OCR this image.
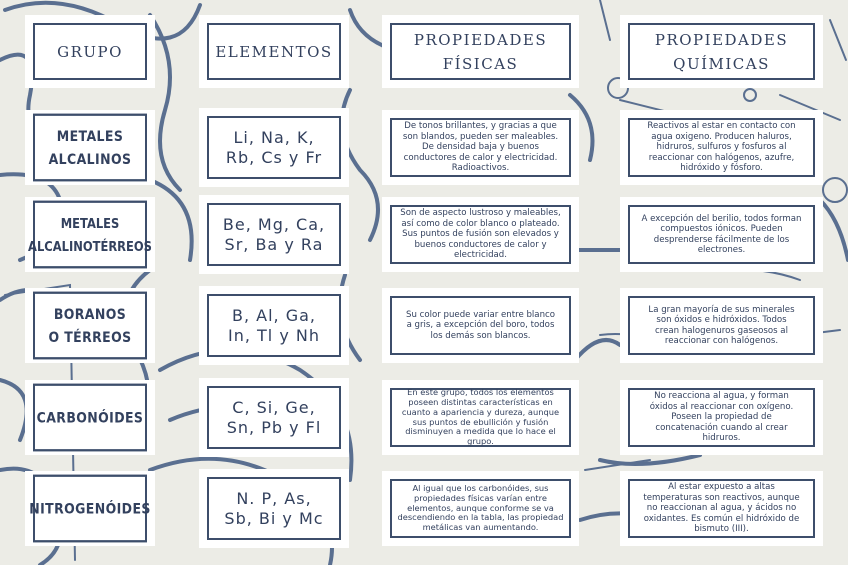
GRUPO	ELEMENTOS
PROPIEDADES FÍSICAS
PROPIEDADES QUÍMICAS
METALES ALCALINOS
Li, Na, K, Rb, Cs y Fr
De tonos brillantes, y gracias a que son blandos, pueden ser maleables. De densidad baja y buenos conductores de calor y electricidad. Radioactivos.
Reactivos al estar en contacto con agua oxigeno. Producen haluros, hidruros, sulfuros y fosfuros al reaccionar con halógenos, azufre, hidróxido y fósforo.
METALES ALCALINOTÉRREOS
Be, Mg, Ca, Sr, Ba y Ra
Son de aspecto lustroso y maleables, así como de color blanco o plateado. Sus puntos de fusión son elevados y buenos conductores de calor y electricidad.
A excepción del berilio, todos forman compuestos iónicos. Pueden desprenderse fácilmente de los electrones.
BORANOS O TÉRREOS
B, Al, Ga, In, Tl y Nh
Su color puede variar entre blanco a gris, a excepción del boro, todos los demás son blancos.
La gran mayoría de sus minerales son óxidos e hidróxidos. Todos crean halogenuros gaseosos al reaccionar con halógenos.
CARBONÓIDES
C, Si, Ge, Sn, Pb y Fl
En este grupo, todos los elementos poseen distintas características en cuanto a apariencia y dureza, aunque sus puntos de ebullición y fusión disminuyen a medida que lo hace el grupo.
No reacciona al agua, y forman óxidos al reaccionar con oxígeno. Poseen la propiedad de concatenación cuando al crear hidruros.
NITROGENÓIDES
N. P, As, Sb, Bi y Mc
Al igual que los carbonóides, sus propiedades físicas varían entre elementos, aunque conforme se va descendiendo en la tabla, las propiedad metálicas van aumentando.
Al estar expuesto a altas temperaturas son reactivos, aunque no reaccionan al agua, y ácidos no oxidantes. Es común el hidróxido de bismuto (III).
